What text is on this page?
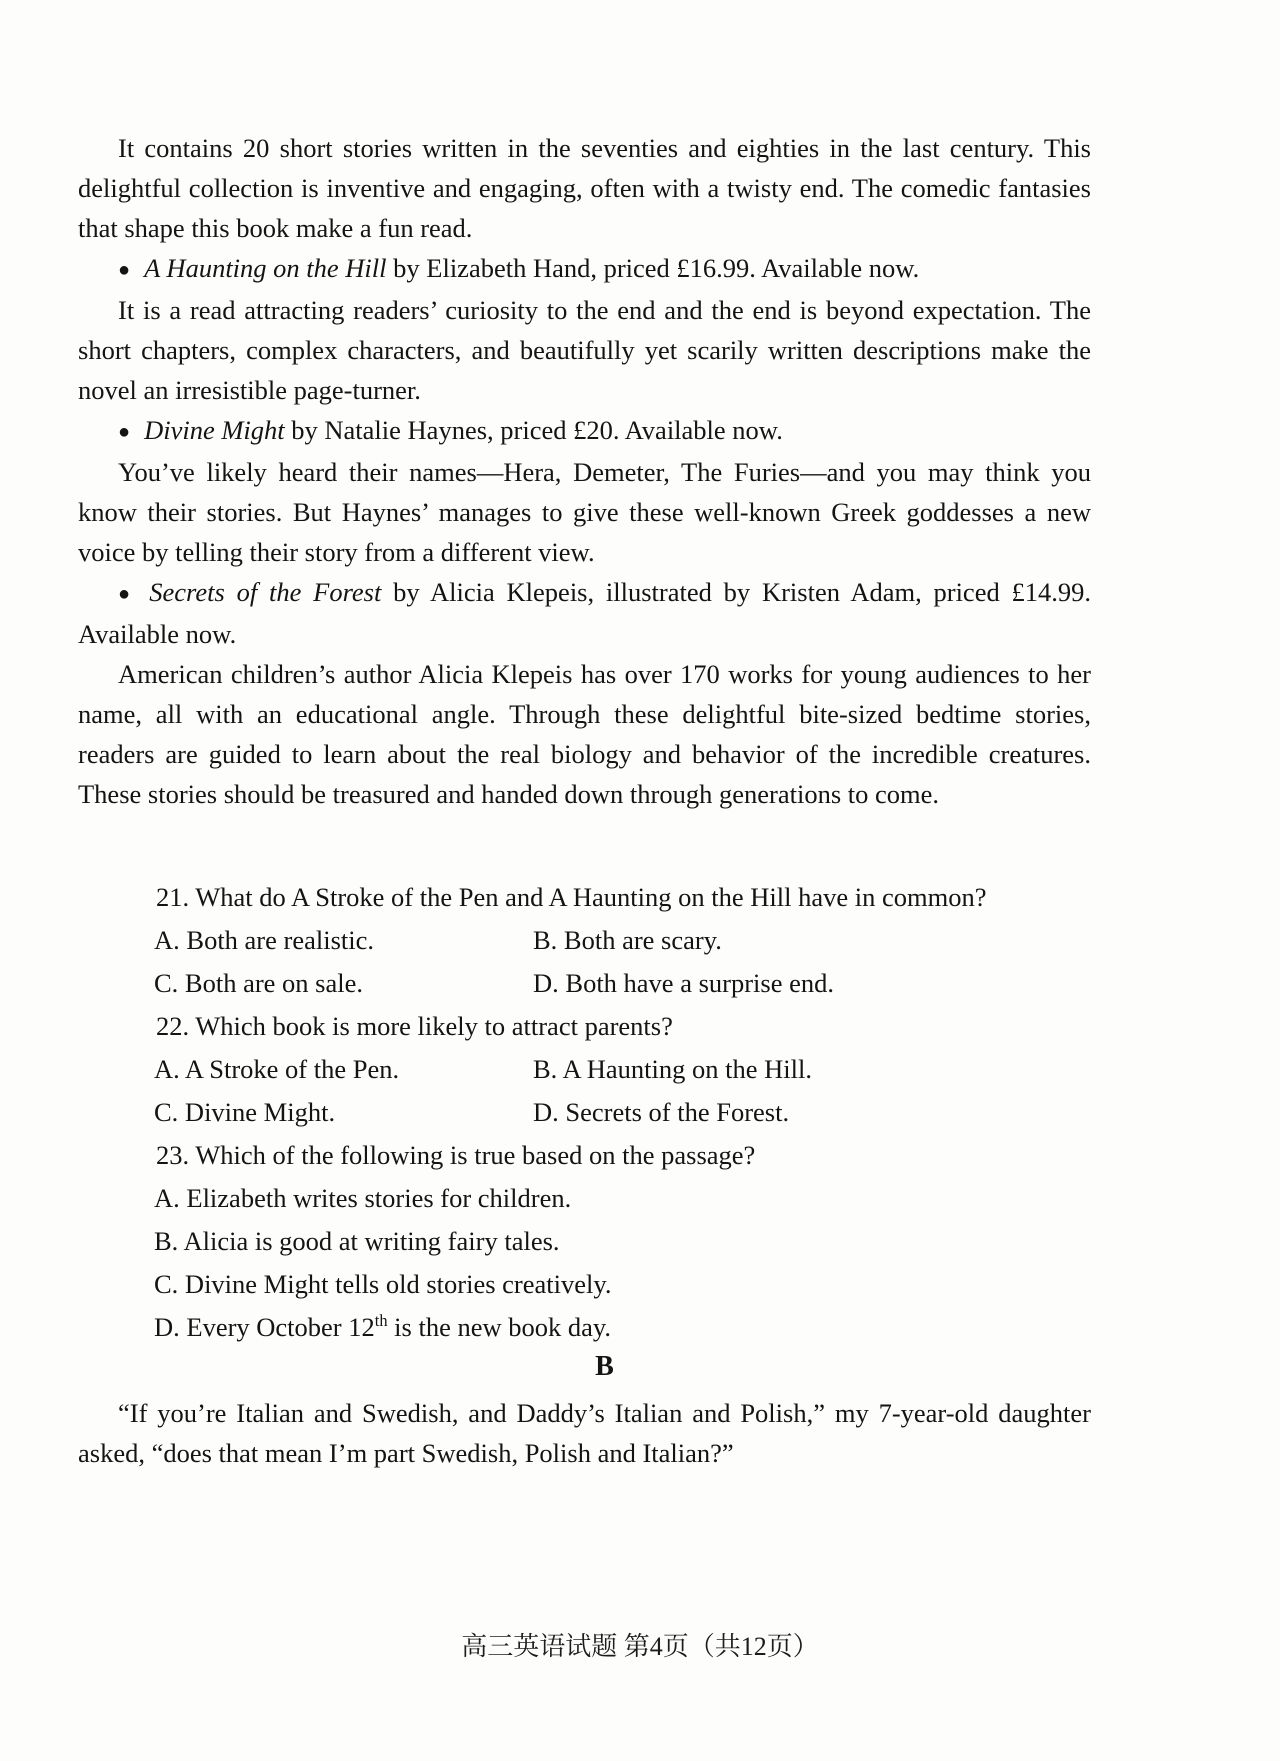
It contains 20 short stories written in the seventies and eighties in the last century. This delightful collection is inventive and engaging, often with a twisty end. The comedic fantasies that shape this book make a fun read.

● A Haunting on the Hill by Elizabeth Hand, priced £16.99. Available now.

It is a read attracting readers’ curiosity to the end and the end is beyond expectation. The short chapters, complex characters, and beautifully yet scarily written descriptions make the novel an irresistible page-turner.

● Divine Might by Natalie Haynes, priced £20. Available now.

You’ve likely heard their names—Hera, Demeter, The Furies—and you may think you know their stories. But Haynes’ manages to give these well-known Greek goddesses a new voice by telling their story from a different view.

● Secrets of the Forest by Alicia Klepeis, illustrated by Kristen Adam, priced £14.99. Available now.

American children’s author Alicia Klepeis has over 170 works for young audiences to her name, all with an educational angle. Through these delightful bite-sized bedtime stories, readers are guided to learn about the real biology and behavior of the incredible creatures. These stories should be treasured and handed down through generations to come.

21. What do A Stroke of the Pen and A Haunting on the Hill have in common?

A. Both are realistic.	B. Both are scary.
C. Both are on sale.	D. Both have a surprise end.

22. Which book is more likely to attract parents?

A. A Stroke of the Pen.	B. A Haunting on the Hill.
C. Divine Might.	D. Secrets of the Forest.

23. Which of the following is true based on the passage?

A. Elizabeth writes stories for children.
B. Alicia is good at writing fairy tales.
C. Divine Might tells old stories creatively.
D. Every October 12th is the new book day.

B

“If you’re Italian and Swedish, and Daddy’s Italian and Polish,” my 7-year-old daughter asked, “does that mean I’m part Swedish, Polish and Italian?”

高三英语试题 第4页（共12页）
